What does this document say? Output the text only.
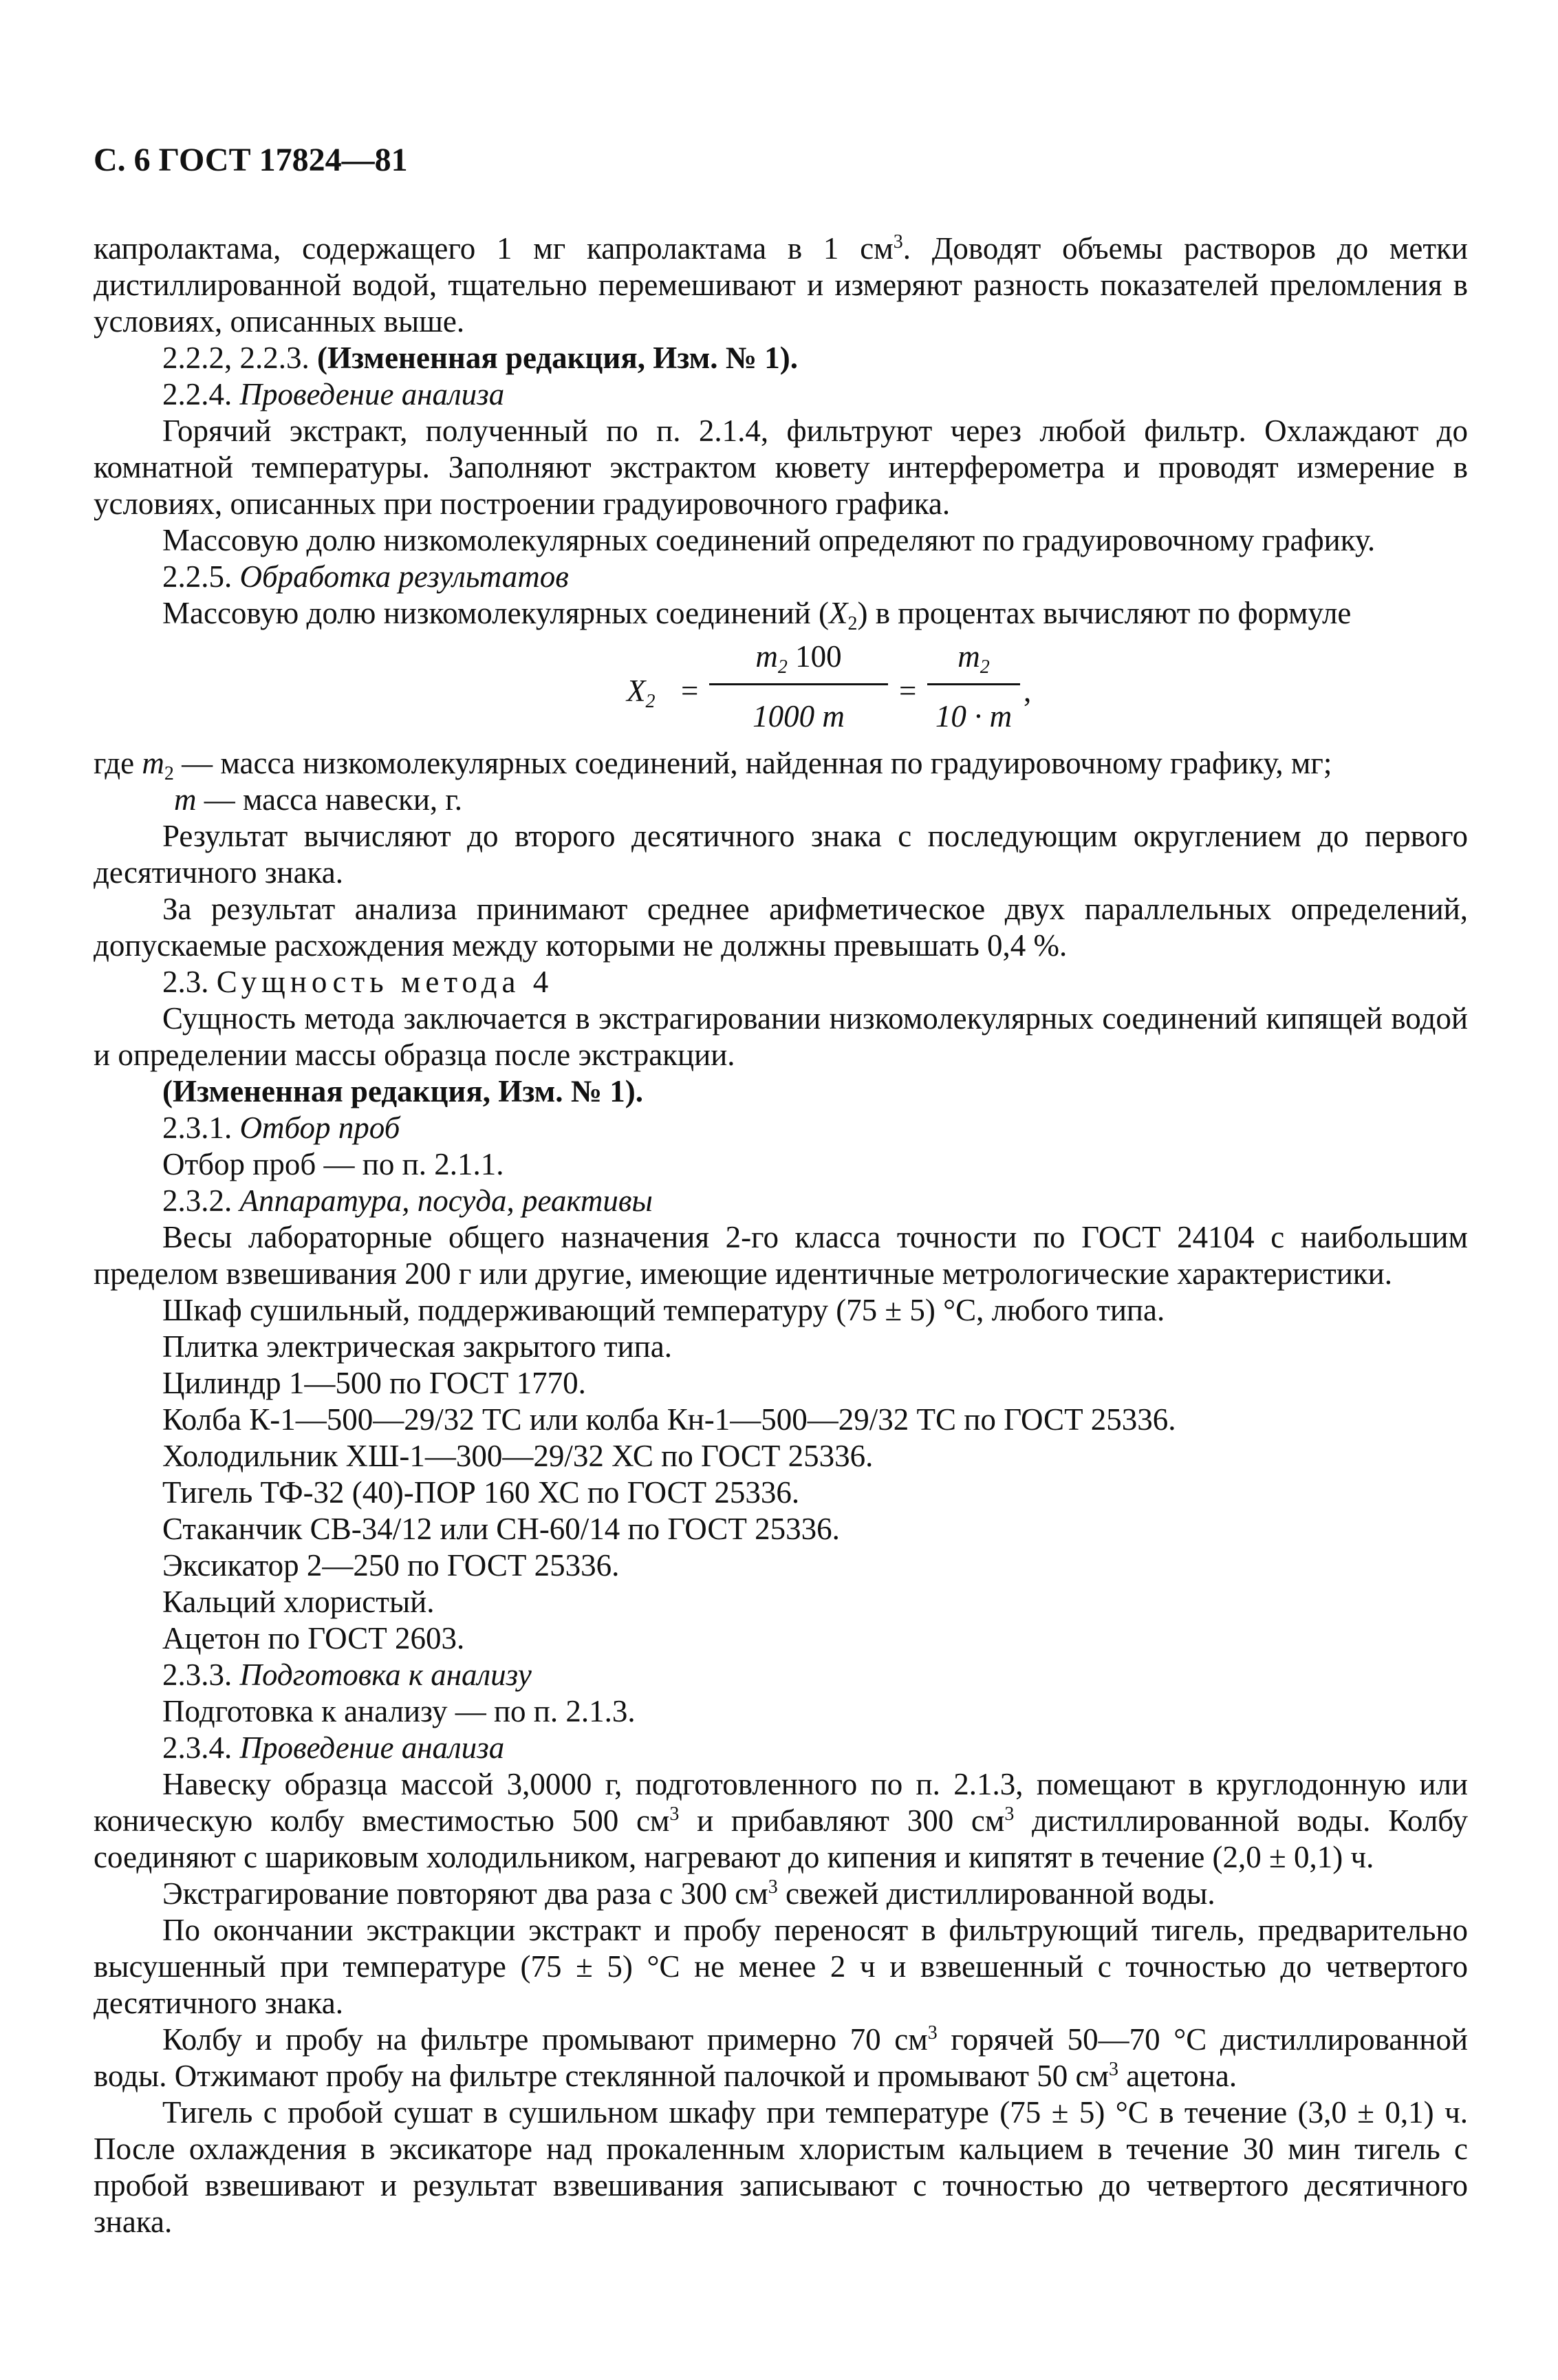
С. 6 ГОСТ 17824—81

капролактама, содержащего 1 мг капролактама в 1 $см^3$. Доводят объемы растворов до метки дистиллированной водой, тщательно перемешивают и измеряют разность показателей преломления в условиях, описанных выше.

2.2.2, 2.2.3. (Измененная редакция, Изм. № 1).

2.2.4. Проведение анализа

Горячий экстракт, полученный по п. 2.1.4, фильтруют через любой фильтр. Охлаждают до комнатной температуры. Заполняют экстрактом кювету интерферометра и проводят измерение в условиях, описанных при построении градуировочного графика.

Массовую долю низкомолекулярных соединений определяют по градуировочному графику.

2.2.5. Обработка результатов

Массовую долю низкомолекулярных соединений $(X_2)$ в процентах вычисляют по формуле

$X_2$ =
$m_2$ 100
1000 m
=
$m_2$
10 · m
,

где $m_2$ — масса низкомолекулярных соединений, найденная по градуировочному графику, мг;

m — масса навески, г.

Результат вычисляют до второго десятичного знака с последующим округлением до первого десятичного знака.

За результат анализа принимают среднее арифметическое двух параллельных определений, допускаемые расхождения между которыми не должны превышать 0,4 %.

2.3. Сущность метода 4

Сущность метода заключается в экстрагировании низкомолекулярных соединений кипящей водой и определении массы образца после экстракции.

(Измененная редакция, Изм. № 1).

2.3.1. Отбор проб

Отбор проб — по п. 2.1.1.

2.3.2. Аппаратура, посуда, реактивы

Весы лабораторные общего назначения 2-го класса точности по ГОСТ 24104 с наибольшим пределом взвешивания 200 г или другие, имеющие идентичные метрологические характеристики.

Шкаф сушильный, поддерживающий температуру (75 ± 5) °С, любого типа.

Плитка электрическая закрытого типа.

Цилиндр 1—500 по ГОСТ 1770.

Колба К-1—500—29/32 ТС или колба Кн-1—500—29/32 ТС по ГОСТ 25336.

Холодильник ХШ-1—300—29/32 ХС по ГОСТ 25336.

Тигель ТФ-32 (40)-ПОР 160 ХС по ГОСТ 25336.

Стаканчик СВ-34/12 или СН-60/14 по ГОСТ 25336.

Эксикатор 2—250 по ГОСТ 25336.

Кальций хлористый.

Ацетон по ГОСТ 2603.

2.3.3. Подготовка к анализу

Подготовка к анализу — по п. 2.1.3.

2.3.4. Проведение анализа

Навеску образца массой 3,0000 г, подготовленного по п. 2.1.3, помещают в круглодонную или коническую колбу вместимостью 500 $см^3$ и прибавляют 300 $см^3$ дистиллированной воды. Колбу соединяют с шариковым холодильником, нагревают до кипения и кипятят в течение (2,0 ± 0,1) ч.

Экстрагирование повторяют два раза с 300 $см^3$ свежей дистиллированной воды.

По окончании экстракции экстракт и пробу переносят в фильтрующий тигель, предварительно высушенный при температуре (75 ± 5) °С не менее 2 ч и взвешенный с точностью до четвертого десятичного знака.

Колбу и пробу на фильтре промывают примерно 70 $см^3$ горячей 50—70 °С дистиллированной воды. Отжимают пробу на фильтре стеклянной палочкой и промывают 50 $см^3$ ацетона.

Тигель с пробой сушат в сушильном шкафу при температуре (75 ± 5) °С в течение (3,0 ± 0,1) ч. После охлаждения в эксикаторе над прокаленным хлористым кальцием в течение 30 мин тигель с пробой взвешивают и результат взвешивания записывают с точностью до четвертого десятичного знака.
